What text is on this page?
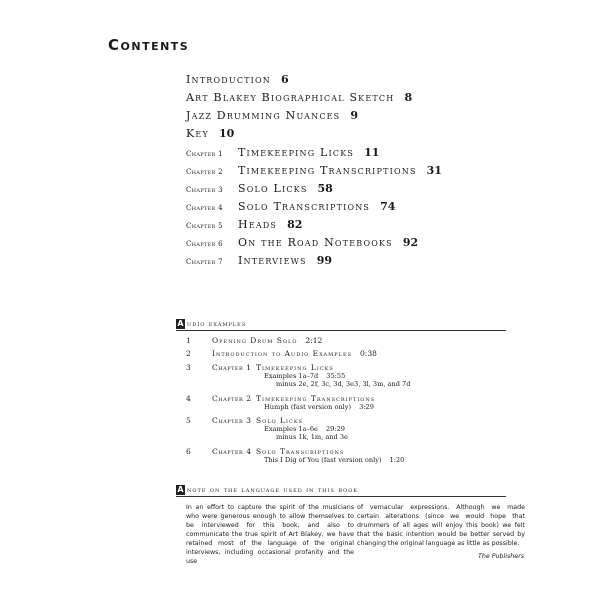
Contents
Introduction 6
Art Blakey Biographical Sketch 8
Jazz Drumming Nuances 9
Key 10
Chapter 1 Timekeeping Licks 11
Chapter 2 Timekeeping Transcriptions 31
Chapter 3 Solo Licks 58
Chapter 4 Solo Transcriptions 74
Chapter 5 Heads 82
Chapter 6 On the Road Notebooks 92
Chapter 7 Interviews 99
A udio examples
1	Opening Drum Solo 2:12
2	Introduction to Audio Examples 0:38
3	Chapter 1 Timekeeping Licks
Examples 1a–7d 35:55
minus 2e, 2f, 3c, 3d, 3e3, 3l, 3m, and 7d
4	Chapter 2 Timekeeping Transcriptions
Humph (fast version only) 3:29
5	Chapter 3 Solo Licks
Examples 1a–6e 29:29
minus 1k, 1m, and 3e
6	Chapter 4 Solo Transcriptions
This I Dig of You (fast version only) 1:20
A note on the language used in this book
In an effort to capture the spirit of the musicians who were generous enough to allow themselves to be interviewed for this book, and also to communicate the true spirit of Art Blakey, we have retained most of the language of the original interviews, including occasional profanity and the use
of vernacular expressions. Although we made certain alterations (since we would hope that drummers of all ages will enjoy this book) we felt that the basic intention would be better served by changing the original language as little as possible.
The Publishers
